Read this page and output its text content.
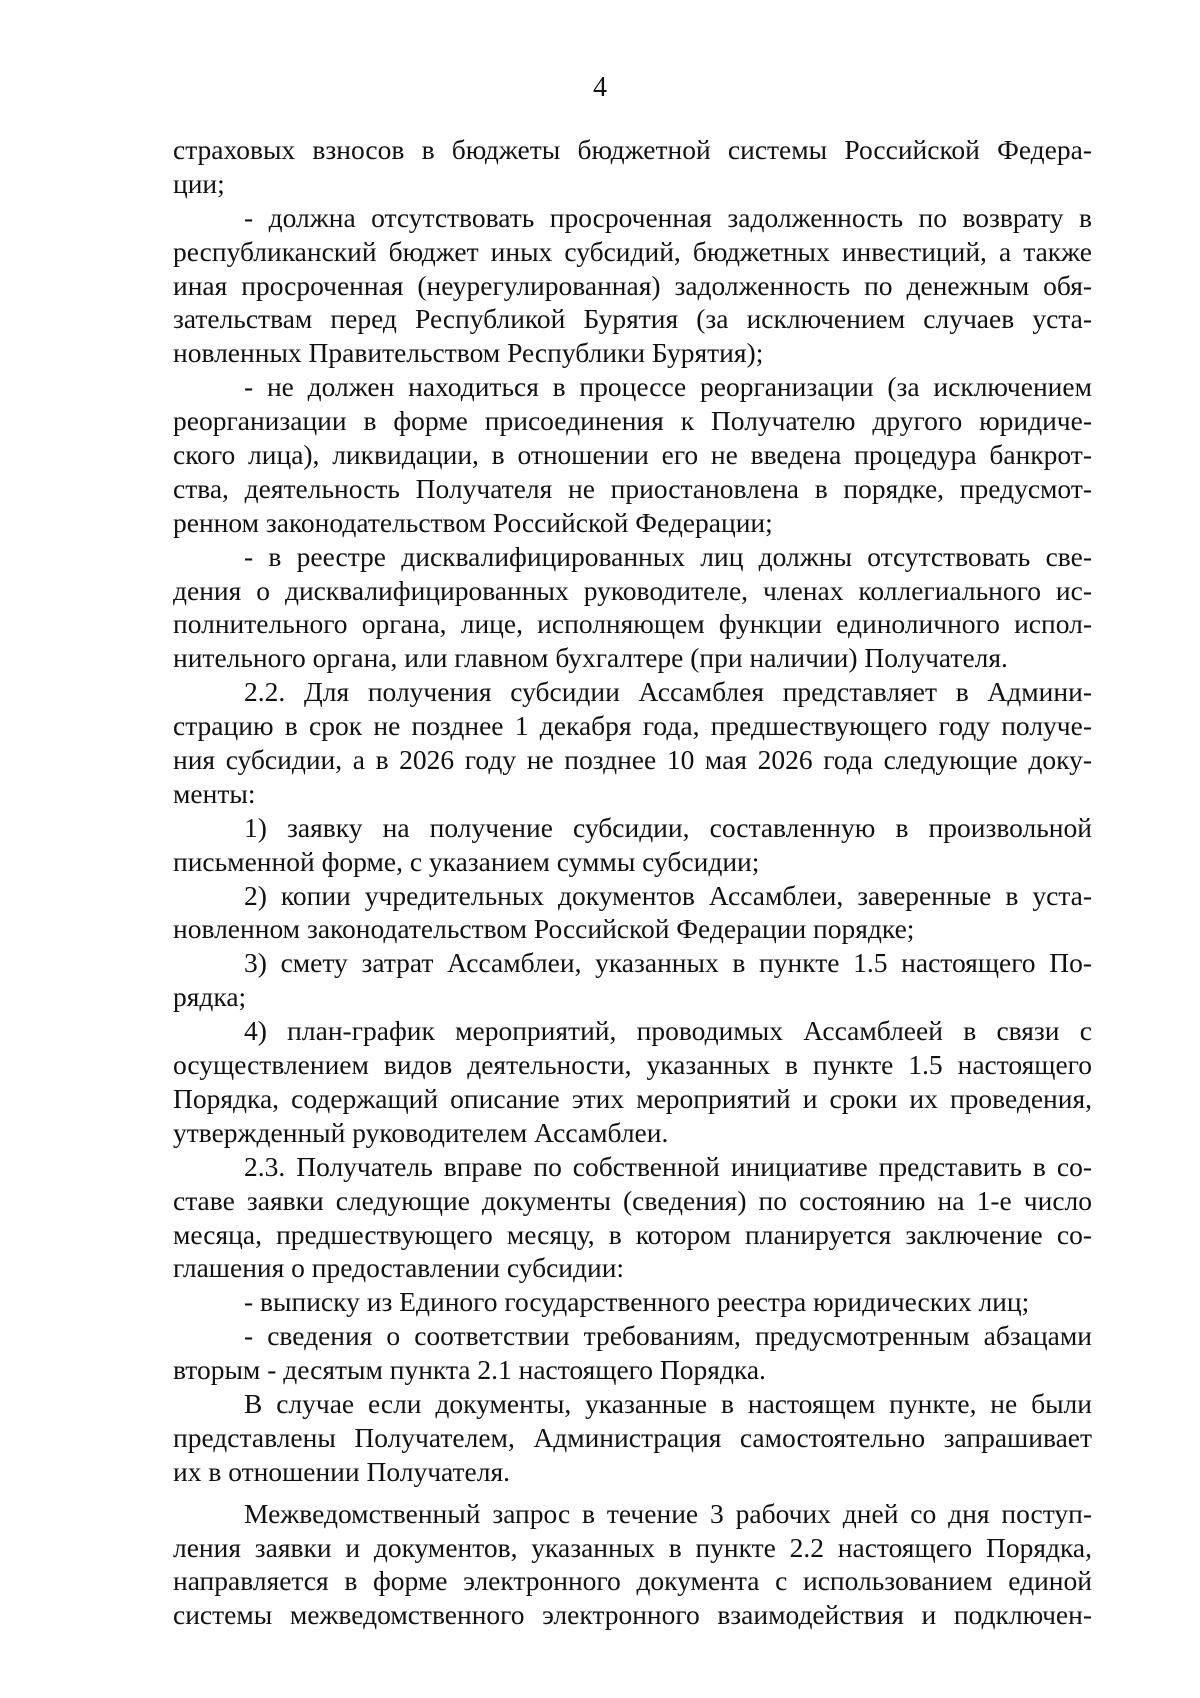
4
страховых взносов в бюджеты бюджетной системы Российской Федера-
ции;
- должна отсутствовать просроченная задолженность по возврату в
республиканский бюджет иных субсидий, бюджетных инвестиций, а также
иная просроченная (неурегулированная) задолженность по денежным обя-
зательствам перед Республикой Бурятия (за исключением случаев уста-
новленных Правительством Республики Бурятия);
- не должен находиться в процессе реорганизации (за исключением
реорганизации в форме присоединения к Получателю другого юридиче-
ского лица), ликвидации, в отношении его не введена процедура банкрот-
ства, деятельность Получателя не приостановлена в порядке, предусмот-
ренном законодательством Российской Федерации;
- в реестре дисквалифицированных лиц должны отсутствовать све-
дения о дисквалифицированных руководителе, членах коллегиального ис-
полнительного органа, лице, исполняющем функции единоличного испол-
нительного органа, или главном бухгалтере (при наличии) Получателя.
2.2. Для получения субсидии Ассамблея представляет в Админи-
страцию в срок не позднее 1 декабря года, предшествующего году получе-
ния субсидии, а в 2026 году не позднее 10 мая 2026 года следующие доку-
менты:
1) заявку на получение субсидии, составленную в произвольной
письменной форме, с указанием суммы субсидии;
2) копии учредительных документов Ассамблеи, заверенные в уста-
новленном законодательством Российской Федерации порядке;
3) смету затрат Ассамблеи, указанных в пункте 1.5 настоящего По-
рядка;
4) план-график мероприятий, проводимых Ассамблеей в связи с
осуществлением видов деятельности, указанных в пункте 1.5 настоящего
Порядка, содержащий описание этих мероприятий и сроки их проведения,
утвержденный руководителем Ассамблеи.
2.3. Получатель вправе по собственной инициативе представить в со-
ставе заявки следующие документы (сведения) по состоянию на 1-е число
месяца, предшествующего месяцу, в котором планируется заключение со-
глашения о предоставлении субсидии:
- выписку из Единого государственного реестра юридических лиц;
- сведения о соответствии требованиям, предусмотренным абзацами
вторым - десятым пункта 2.1 настоящего Порядка.
В случае если документы, указанные в настоящем пункте, не были
представлены Получателем, Администрация самостоятельно запрашивает
их в отношении Получателя.
Межведомственный запрос в течение 3 рабочих дней со дня поступ-
ления заявки и документов, указанных в пункте 2.2 настоящего Порядка,
направляется в форме электронного документа с использованием единой
системы межведомственного электронного взаимодействия и подключен-
